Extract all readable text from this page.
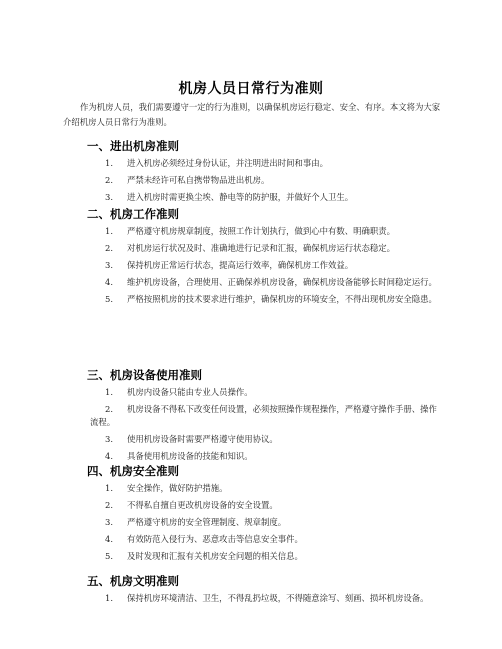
机房人员日常行为准则
作为机房人员，我们需要遵守一定的行为准则，以确保机房运行稳定、安全、有序。本文将为大家介绍机房人员日常行为准则。
一、进出机房准则
1. 进入机房必须经过身份认证，并注明进出时间和事由。
2. 严禁未经许可私自携带物品进出机房。
3. 进入机房时需更换尘埃、静电等的防护服，并做好个人卫生。
二、机房工作准则
1. 严格遵守机房规章制度，按照工作计划执行，做到心中有数、明确职责。
2. 对机房运行状况及时、准确地进行记录和汇报，确保机房运行状态稳定。
3. 保持机房正常运行状态，提高运行效率，确保机房工作效益。
4. 维护机房设备，合理使用、正确保养机房设备，确保机房设备能够长时间稳定运行。
5. 严格按照机房的技术要求进行维护，确保机房的环境安全，不得出现机房安全隐患。
三、机房设备使用准则
1. 机房内设备只能由专业人员操作。
2. 机房设备不得私下改变任何设置，必须按照操作规程操作，严格遵守操作手册、操作流程。
3. 使用机房设备时需要严格遵守使用协议。
4. 具备使用机房设备的技能和知识。
四、机房安全准则
1. 安全操作，做好防护措施。
2. 不得私自擅自更改机房设备的安全设置。
3. 严格遵守机房的安全管理制度、规章制度。
4. 有效防范入侵行为、恶意攻击等信息安全事件。
5. 及时发现和汇报有关机房安全问题的相关信息。
五、机房文明准则
1. 保持机房环境清洁、卫生，不得乱扔垃圾，不得随意涂写、刻画、损坏机房设备。
